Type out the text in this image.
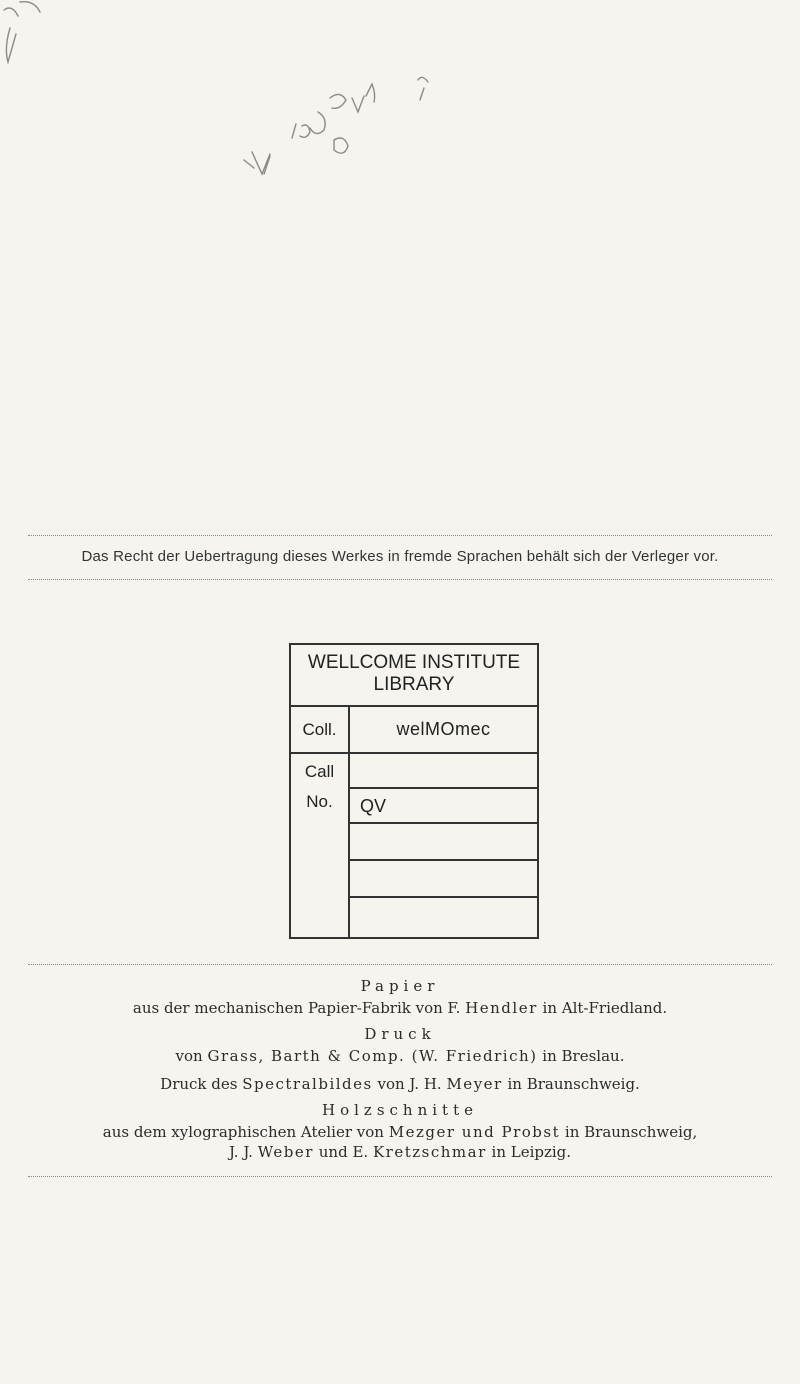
Das Recht der Uebertragung dieses Werkes in fremde Sprachen behält sich der Verleger vor.
WELLCOME INSTITUTE
LIBRARY
Coll.	welMOmec
Call
No.	QV
Papier
aus der mechanischen Papier-Fabrik von F. Hendler in Alt-Friedland.
Druck
von Grass, Barth & Comp. (W. Friedrich) in Breslau.
Druck des Spectralbildes von J. H. Meyer in Braunschweig.
Holzschnitte
aus dem xylographischen Atelier von Mezger und Probst in Braunschweig,
J. J. Weber und E. Kretzschmar in Leipzig.
